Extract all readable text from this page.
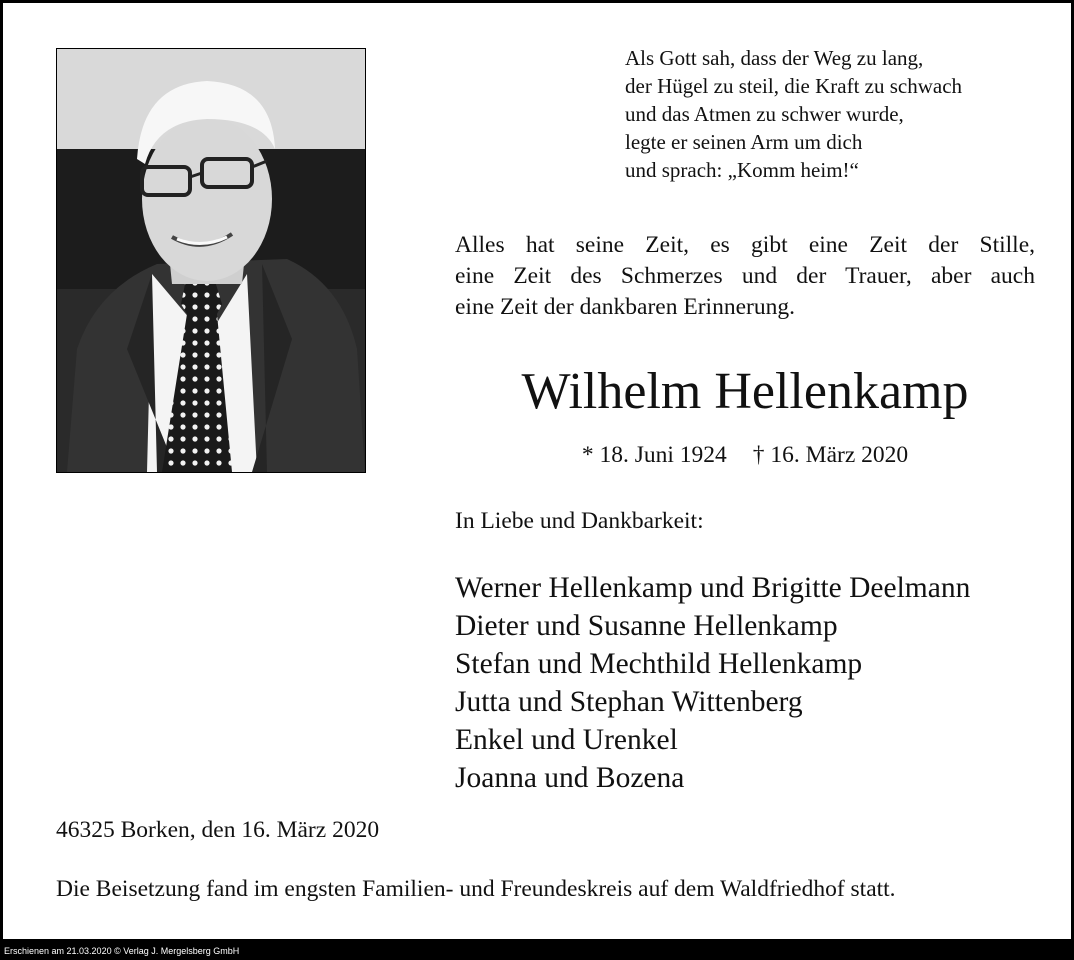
Als Gott sah, dass der Weg zu lang,
der Hügel zu steil, die Kraft zu schwach
und das Atmen zu schwer wurde,
legte er seinen Arm um dich
und sprach: „Komm heim!“
Alles hat seine Zeit, es gibt eine Zeit der Stille,
eine Zeit des Schmerzes und der Trauer, aber auch
eine Zeit der dankbaren Erinnerung.
Wilhelm Hellenkamp
* 18. Juni 1924 † 16. März 2020
In Liebe und Dankbarkeit:
Werner Hellenkamp und Brigitte Deelmann
Dieter und Susanne Hellenkamp
Stefan und Mechthild Hellenkamp
Jutta und Stephan Wittenberg
Enkel und Urenkel
Joanna und Bozena
46325 Borken, den 16. März 2020
Die Beisetzung fand im engsten Familien- und Freundeskreis auf dem Waldfriedhof statt.
Erschienen am 21.03.2020 © Verlag J. Mergelsberg GmbH
